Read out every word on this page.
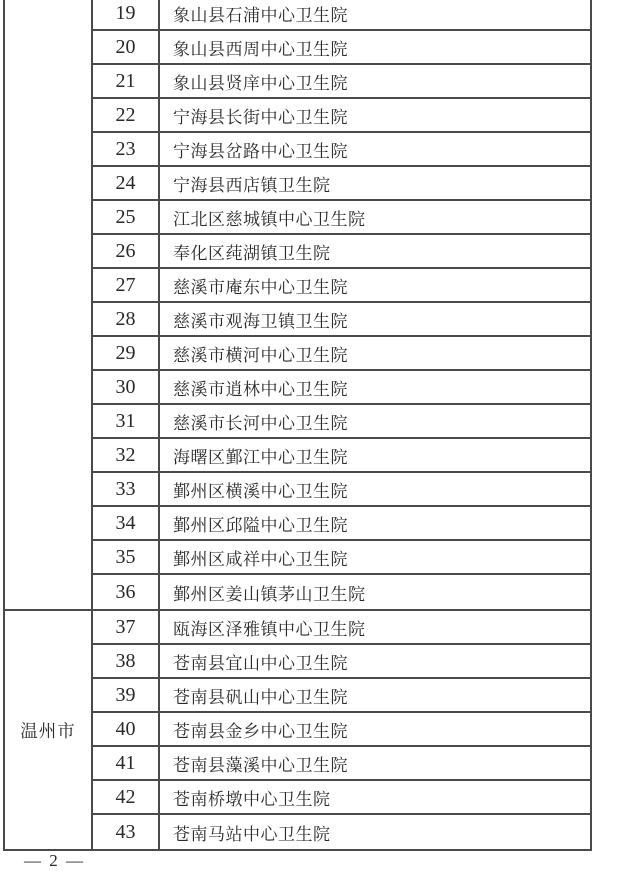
19	象山县石浦中心卫生院
20	象山县西周中心卫生院
21	象山县贤庠中心卫生院
22	宁海县长街中心卫生院
23	宁海县岔路中心卫生院
24	宁海县西店镇卫生院
25	江北区慈城镇中心卫生院
26	奉化区莼湖镇卫生院
27	慈溪市庵东中心卫生院
28	慈溪市观海卫镇卫生院
29	慈溪市横河中心卫生院
30	慈溪市逍林中心卫生院
31	慈溪市长河中心卫生院
32	海曙区鄞江中心卫生院
33	鄞州区横溪中心卫生院
34	鄞州区邱隘中心卫生院
35	鄞州区咸祥中心卫生院
36	鄞州区姜山镇茅山卫生院
温州市
37	瓯海区泽雅镇中心卫生院
38	苍南县宜山中心卫生院
39	苍南县矾山中心卫生院
40	苍南县金乡中心卫生院
41	苍南县藻溪中心卫生院
42	苍南桥墩中心卫生院
43	苍南马站中心卫生院
— 2 —
